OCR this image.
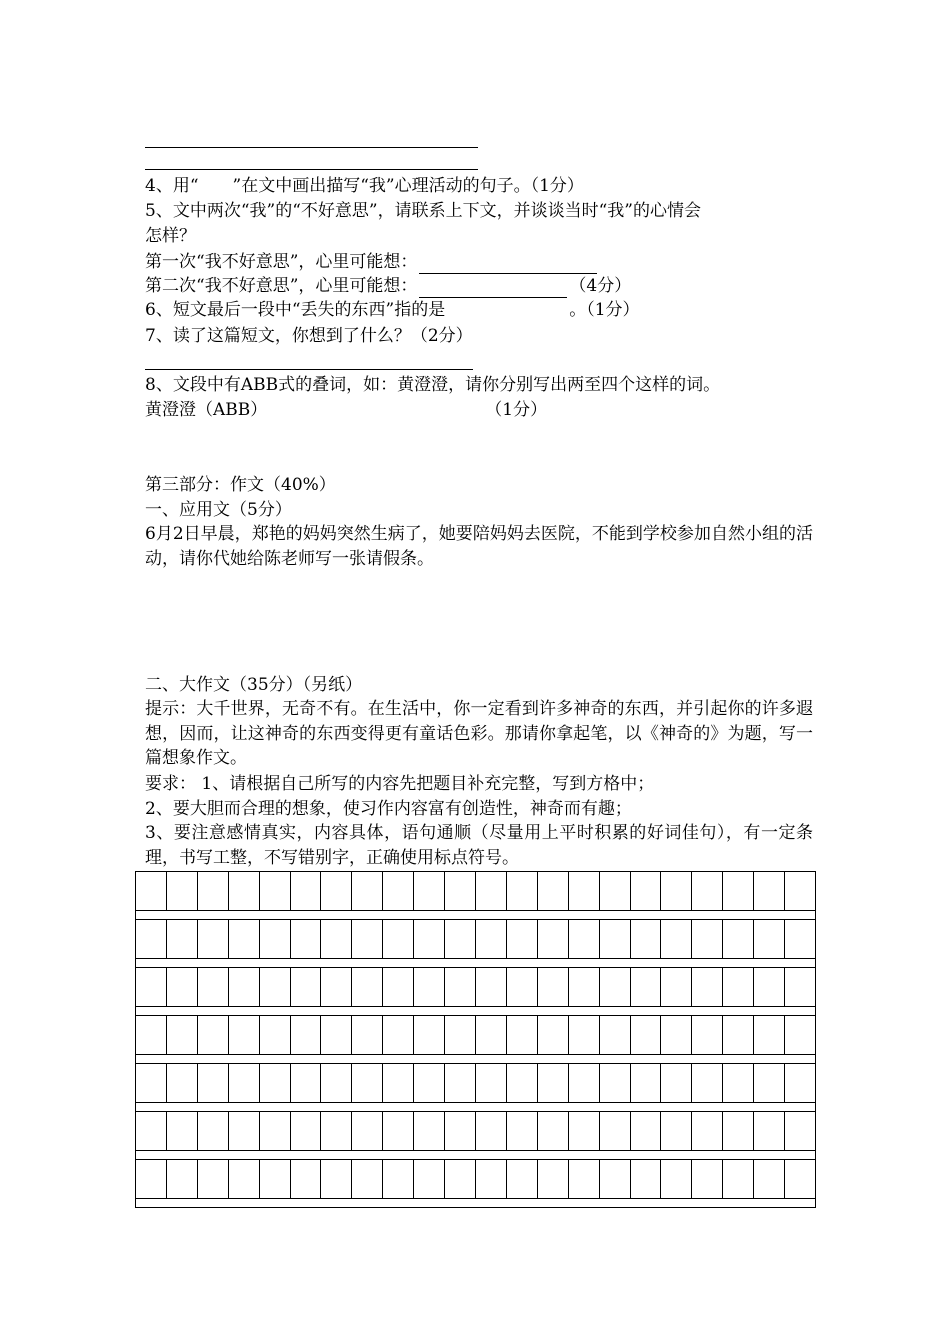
4、用“　　”在文中画出描写“我”心理活动的句子。（1分）
5、文中两次“我”的“不好意思”，请联系上下文，并谈谈当时“我”的心情会
怎样？
第一次“我不好意思”，心里可能想：
第二次“我不好意思”，心里可能想：	（4分）
6、短文最后一段中“丢失的东西”指的是	。（1分）
7、读了这篇短文，你想到了什么？（2分）
8、文段中有ABB式的叠词，如：黄澄澄，请你分别写出两至四个这样的词。
黄澄澄（ABB）	（1分）
第三部分：作文（40%）
一、应用文（5分）
6月2日早晨，郑艳的妈妈突然生病了，她要陪妈妈去医院，不能到学校参加自然小组的活动，请你代她给陈老师写一张请假条。
二、大作文（35分）（另纸）
提示：大千世界，无奇不有。在生活中，你一定看到许多神奇的东西，并引起你的许多遐想，因而，让这神奇的东西变得更有童话色彩。那请你拿起笔，以《神奇的》为题，写一篇想象作文。
要求： 1、请根据自己所写的内容先把题目补充完整，写到方格中；
2、要大胆而合理的想象，使习作内容富有创造性，神奇而有趣；
3、要注意感情真实，内容具体，语句通顺（尽量用上平时积累的好词佳句），有一定条理，书写工整，不写错别字，正确使用标点符号。
